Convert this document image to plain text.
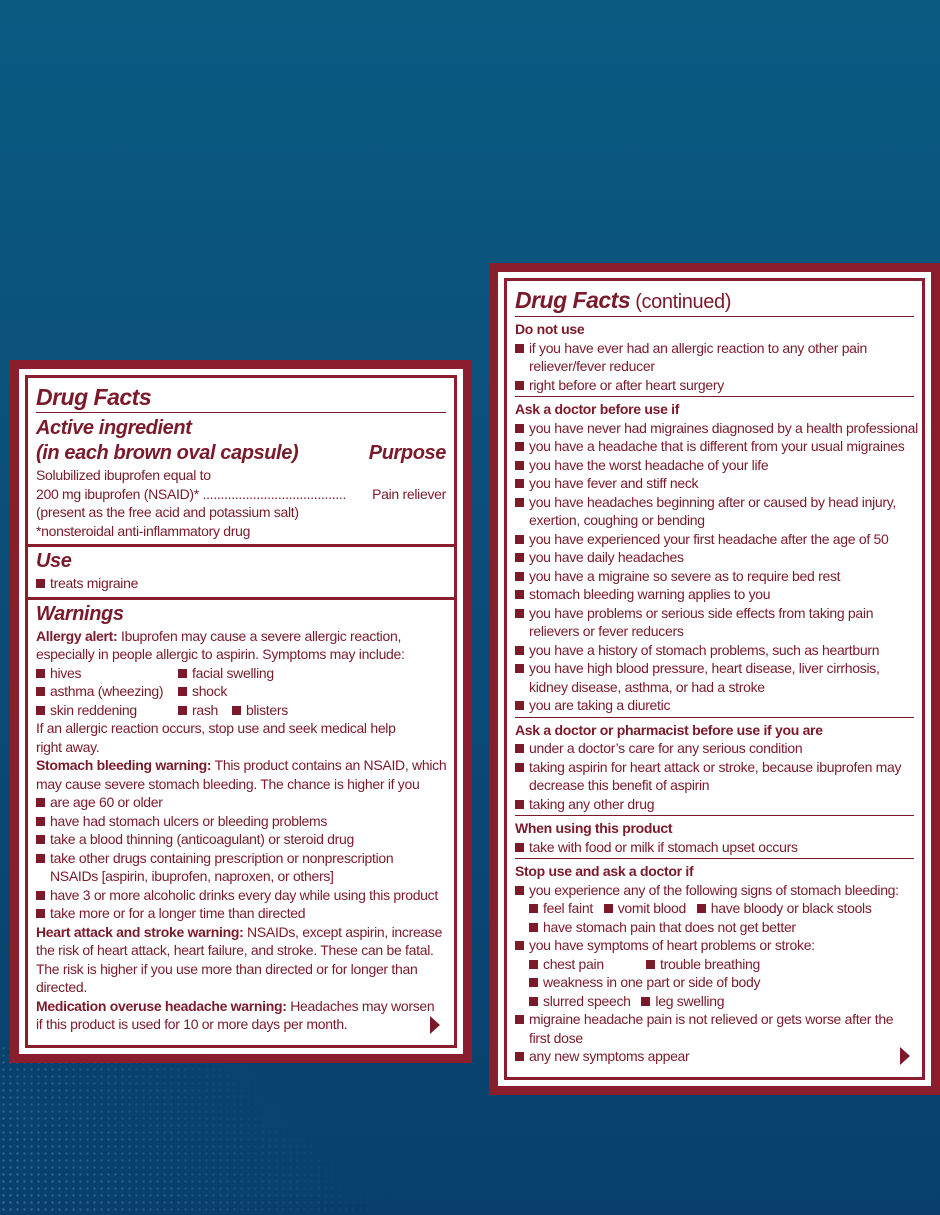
Drug Facts
Active ingredient
(in each brown oval capsule)	Purpose
Solubilized ibuprofen equal to
200 mg ibuprofen (NSAID)* ........................................ Pain reliever
(present as the free acid and potassium salt)
*nonsteroidal anti-inflammatory drug
Use
treats migraine
Warnings
Allergy alert: Ibuprofen may cause a severe allergic reaction,
especially in people allergic to aspirin. Symptoms may include:
hives	facial swelling
asthma (wheezing) shock
skin reddening	rash blisters
If an allergic reaction occurs, stop use and seek medical help
right away.
Stomach bleeding warning: This product contains an NSAID, which
may cause severe stomach bleeding. The chance is higher if you
are age 60 or older
have had stomach ulcers or bleeding problems
take a blood thinning (anticoagulant) or steroid drug
take other drugs containing prescription or nonprescription
NSAIDs [aspirin, ibuprofen, naproxen, or others]
have 3 or more alcoholic drinks every day while using this product
take more or for a longer time than directed
Heart attack and stroke warning: NSAIDs, except aspirin, increase
the risk of heart attack, heart failure, and stroke. These can be fatal.
The risk is higher if you use more than directed or for longer than
directed.
Medication overuse headache warning: Headaches may worsen
if this product is used for 10 or more days per month.
Drug Facts (continued)
Do not use
if you have ever had an allergic reaction to any other pain
reliever/fever reducer
right before or after heart surgery
Ask a doctor before use if
you have never had migraines diagnosed by a health professional
you have a headache that is different from your usual migraines
you have the worst headache of your life
you have fever and stiff neck
you have headaches beginning after or caused by head injury,
exertion, coughing or bending
you have experienced your first headache after the age of 50
you have daily headaches
you have a migraine so severe as to require bed rest
stomach bleeding warning applies to you
you have problems or serious side effects from taking pain
relievers or fever reducers
you have a history of stomach problems, such as heartburn
you have high blood pressure, heart disease, liver cirrhosis,
kidney disease, asthma, or had a stroke
you are taking a diuretic
Ask a doctor or pharmacist before use if you are
under a doctor’s care for any serious condition
taking aspirin for heart attack or stroke, because ibuprofen may
decrease this benefit of aspirin
taking any other drug
When using this product
take with food or milk if stomach upset occurs
Stop use and ask a doctor if
you experience any of the following signs of stomach bleeding:
feel faint vomit blood have bloody or black stools
have stomach pain that does not get better
you have symptoms of heart problems or stroke:
chest pain	trouble breathing
weakness in one part or side of body
slurred speech leg swelling
migraine headache pain is not relieved or gets worse after the
first dose
any new symptoms appear
